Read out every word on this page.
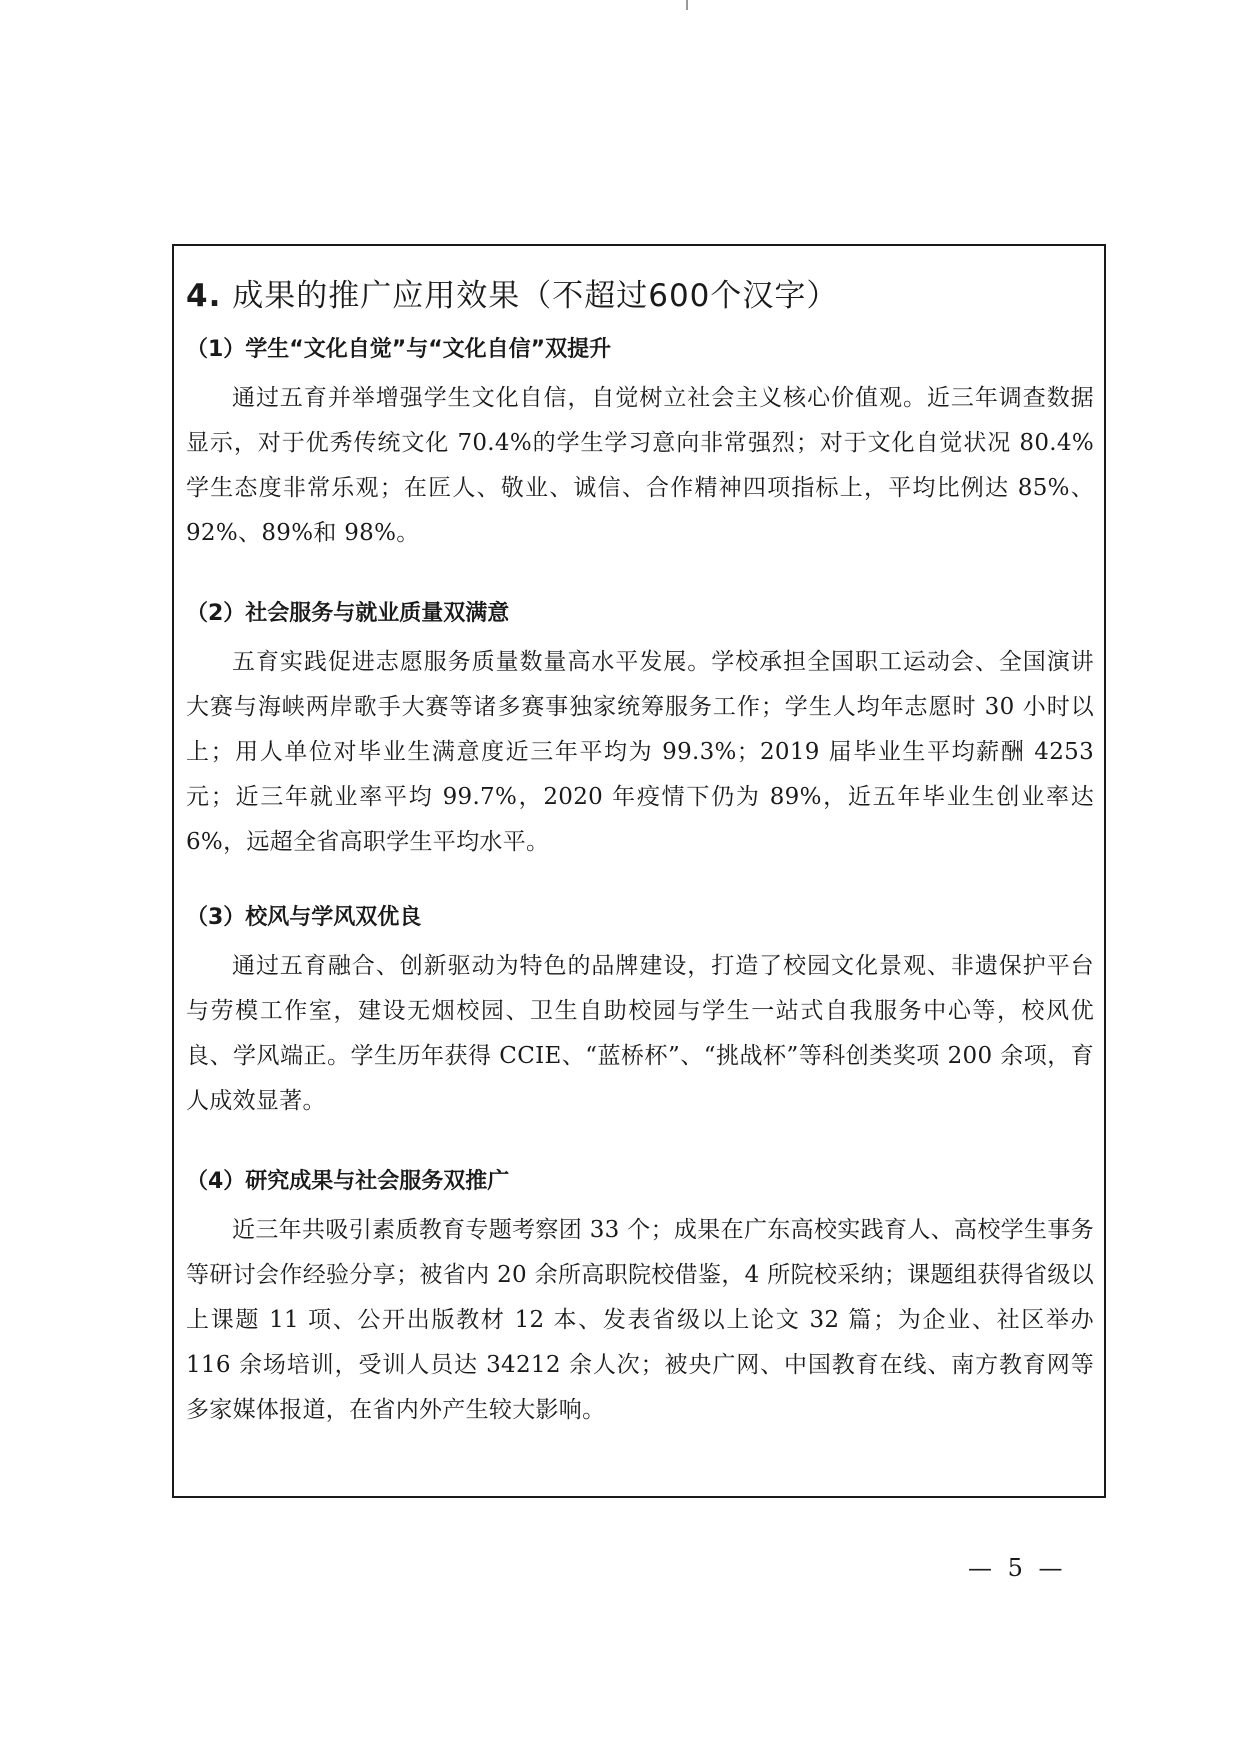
4. 成果的推广应用效果（不超过600个汉字）
（1）学生“文化自觉”与“文化自信”双提升

通过五育并举增强学生文化自信，自觉树立社会主义核心价值观。近三年调查数据显示，对于优秀传统文化 70.4%的学生学习意向非常强烈；对于文化自觉状况 80.4%学生态度非常乐观；在匠人、敬业、诚信、合作精神四项指标上，平均比例达 85%、92%、89%和 98%。

（2）社会服务与就业质量双满意

五育实践促进志愿服务质量数量高水平发展。学校承担全国职工运动会、全国演讲大赛与海峡两岸歌手大赛等诸多赛事独家统筹服务工作；学生人均年志愿时 30 小时以上；用人单位对毕业生满意度近三年平均为 99.3%；2019 届毕业生平均薪酬 4253 元；近三年就业率平均 99.7%，2020 年疫情下仍为 89%，近五年毕业生创业率达 6%，远超全省高职学生平均水平。

（3）校风与学风双优良

通过五育融合、创新驱动为特色的品牌建设，打造了校园文化景观、非遗保护平台与劳模工作室，建设无烟校园、卫生自助校园与学生一站式自我服务中心等，校风优良、学风端正。学生历年获得 CCIE、“蓝桥杯”、“挑战杯”等科创类奖项 200 余项，育人成效显著。

（4）研究成果与社会服务双推广

近三年共吸引素质教育专题考察团 33 个；成果在广东高校实践育人、高校学生事务等研讨会作经验分享；被省内 20 余所高职院校借鉴，4 所院校采纳；课题组获得省级以上课题 11 项、公开出版教材 12 本、发表省级以上论文 32 篇；为企业、社区举办 116 余场培训，受训人员达 34212 余人次；被央广网、中国教育在线、南方教育网等多家媒体报道，在省内外产生较大影响。

— 5 —
